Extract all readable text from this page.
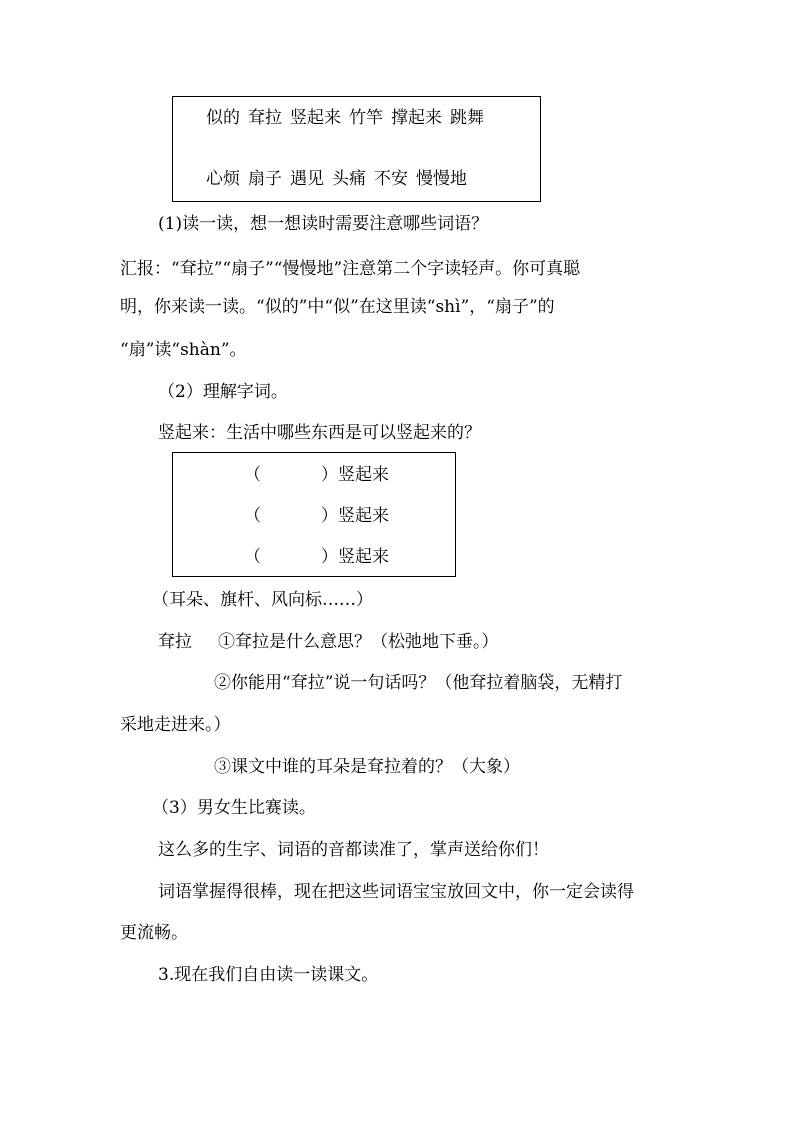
似的 耷拉 竖起来 竹竿 撑起来 跳舞
心烦 扇子 遇见 头痛 不安 慢慢地
(1)读一读，想一想读时需要注意哪些词语？
汇报：“耷拉”“扇子”“慢慢地”注意第二个字读轻声。你可真聪
明，你来读一读。“似的”中“似”在这里读“shì”，“扇子”的
“扇”读“shàn”。
（2）理解字词。
竖起来：生活中哪些东西是可以竖起来的？
（	）竖起来
（	）竖起来
（	）竖起来
（耳朵、旗杆、风向标……）
耷拉 ①耷拉是什么意思？（松弛地下垂。）
②你能用“耷拉”说一句话吗？（他耷拉着脑袋，无精打
采地走进来。）
③课文中谁的耳朵是耷拉着的？（大象）
（3）男女生比赛读。
这么多的生字、词语的音都读准了，掌声送给你们！
词语掌握得很棒，现在把这些词语宝宝放回文中，你一定会读得
更流畅。
3.现在我们自由读一读课文。
